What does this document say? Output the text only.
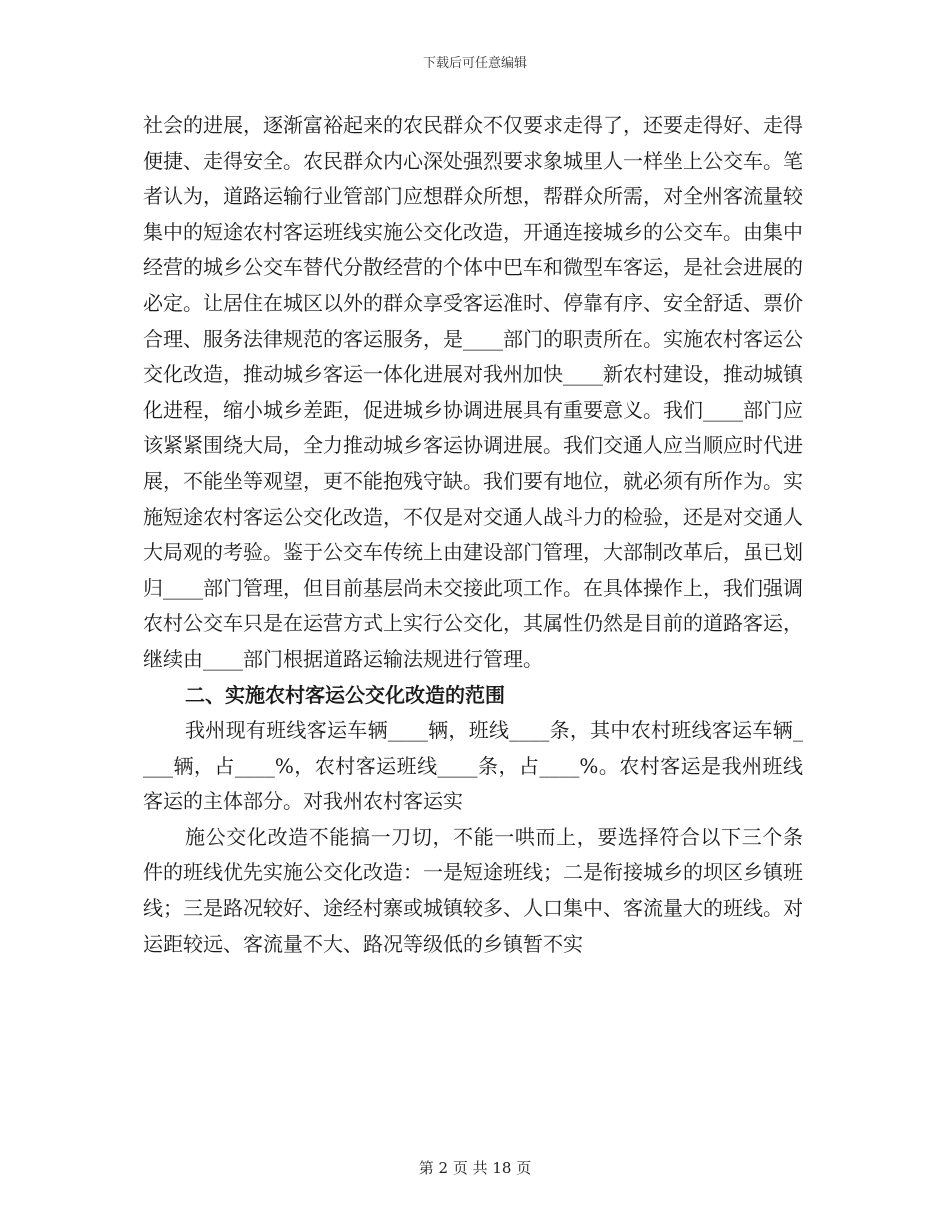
下载后可任意编辑

社会的进展，逐渐富裕起来的农民群众不仅要求走得了，还要走得好、走得便捷、走得安全。农民群众内心深处强烈要求象城里人一样坐上公交车。笔者认为，道路运输行业管部门应想群众所想，帮群众所需，对全州客流量较集中的短途农村客运班线实施公交化改造，开通连接城乡的公交车。由集中经营的城乡公交车替代分散经营的个体中巴车和微型车客运，是社会进展的必定。让居住在城区以外的群众享受客运准时、停靠有序、安全舒适、票价合理、服务法律规范的客运服务，是____部门的职责所在。实施农村客运公交化改造，推动城乡客运一体化进展对我州加快____新农村建设，推动城镇化进程，缩小城乡差距，促进城乡协调进展具有重要意义。我们____部门应该紧紧围绕大局，全力推动城乡客运协调进展。我们交通人应当顺应时代进展，不能坐等观望，更不能抱残守缺。我们要有地位，就必须有所作为。实施短途农村客运公交化改造，不仅是对交通人战斗力的检验，还是对交通人大局观的考验。鉴于公交车传统上由建设部门管理，大部制改革后，虽已划归____部门管理，但目前基层尚未交接此项工作。在具体操作上，我们强调农村公交车只是在运营方式上实行公交化，其属性仍然是目前的道路客运，继续由____部门根据道路运输法规进行管理。

二、实施农村客运公交化改造的范围

我州现有班线客运车辆____辆，班线____条，其中农村班线客运车辆____辆，占____%，农村客运班线____条，占____%。农村客运是我州班线客运的主体部分。对我州农村客运实

施公交化改造不能搞一刀切，不能一哄而上，要选择符合以下三个条件的班线优先实施公交化改造：一是短途班线；二是衔接城乡的坝区乡镇班线；三是路况较好、途经村寨或城镇较多、人口集中、客流量大的班线。对运距较远、客流量不大、路况等级低的乡镇暂不实

第 2 页 共 18 页
